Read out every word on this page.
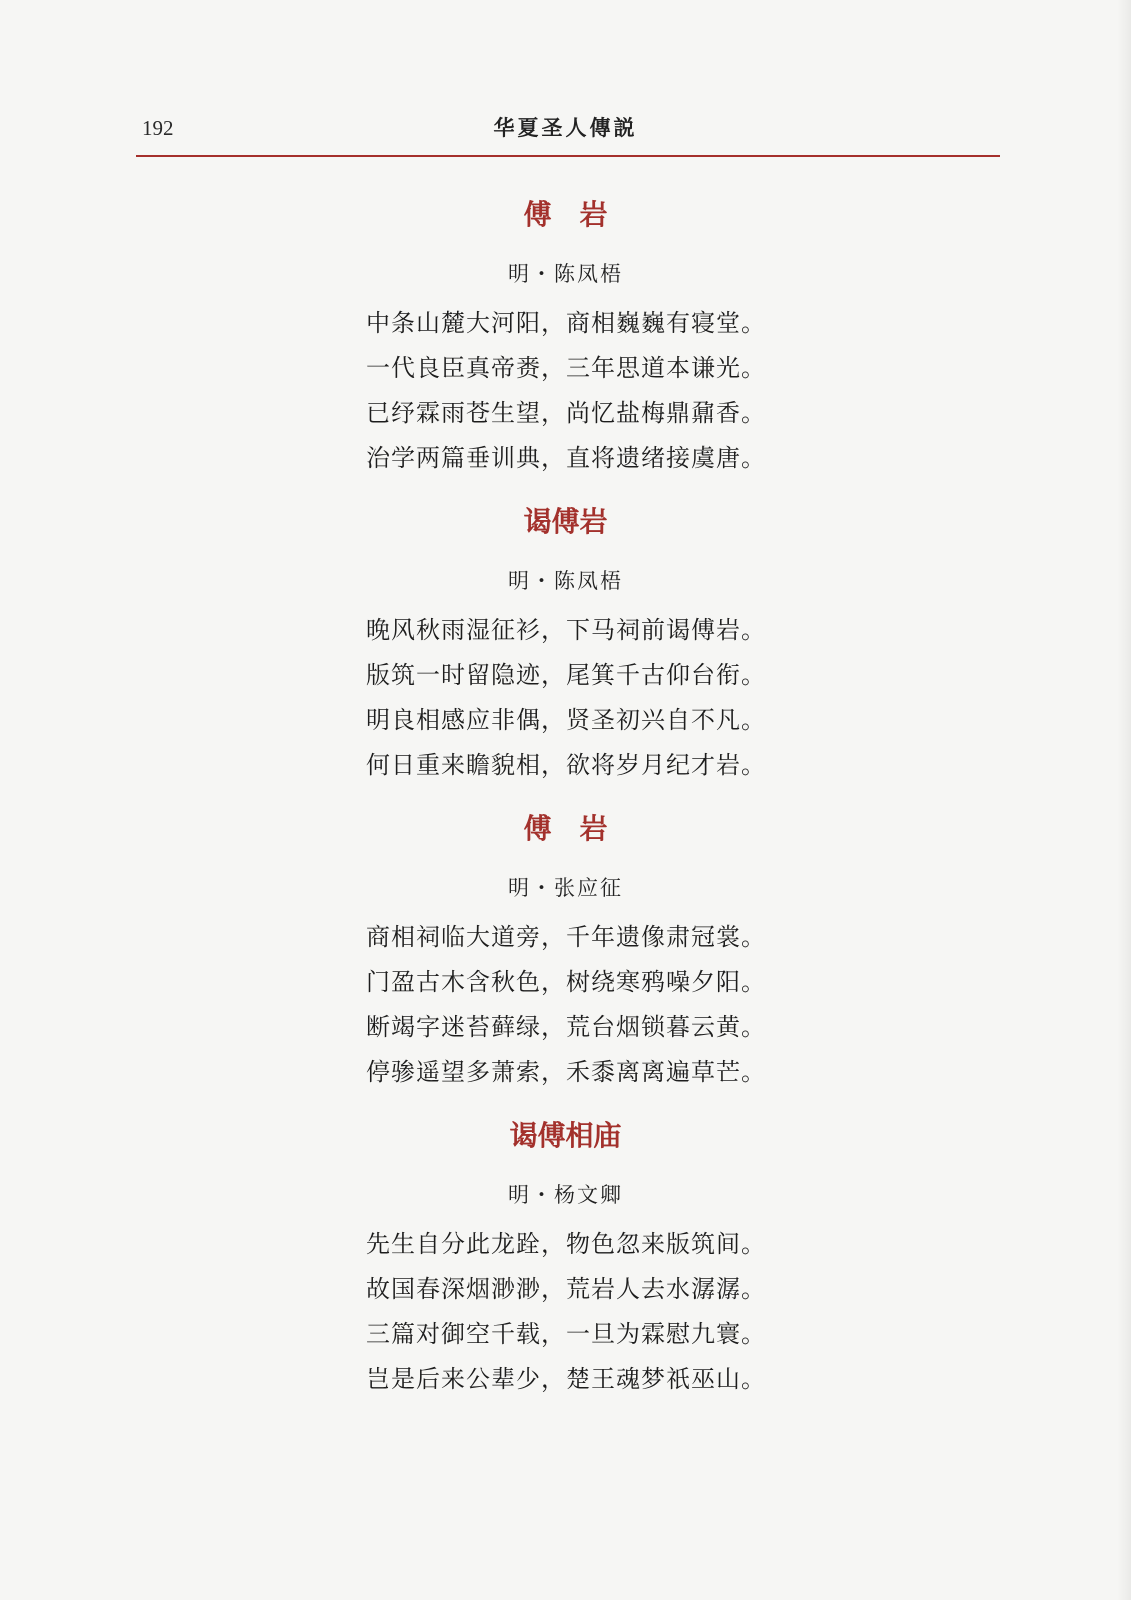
192	华夏圣人傳説
傅　岩
明・陈凤梧
中条山麓大河阳，商相巍巍有寝堂。
一代良臣真帝赉，三年思道本谦光。
已纾霖雨苍生望，尚忆盐梅鼎鼐香。
治学两篇垂训典，直将遗绪接虞唐。
谒傅岩
明・陈凤梧
晚风秋雨湿征衫，下马祠前谒傅岩。
版筑一时留隐迹，尾箕千古仰台衔。
明良相感应非偶，贤圣初兴自不凡。
何日重来瞻貌相，欲将岁月纪才岩。
傅　岩
明・张应征
商相祠临大道旁，千年遗像肃冠裳。
门盈古木含秋色，树绕寒鸦噪夕阳。
断竭字迷苔藓绿，荒台烟锁暮云黄。
停骖遥望多萧索，禾黍离离遍草芒。
谒傅相庙
明・杨文卿
先生自分此龙跧，物色忽来版筑间。
故国春深烟渺渺，荒岩人去水潺潺。
三篇对御空千载，一旦为霖慰九寰。
岂是后来公辈少，楚王魂梦祇巫山。
